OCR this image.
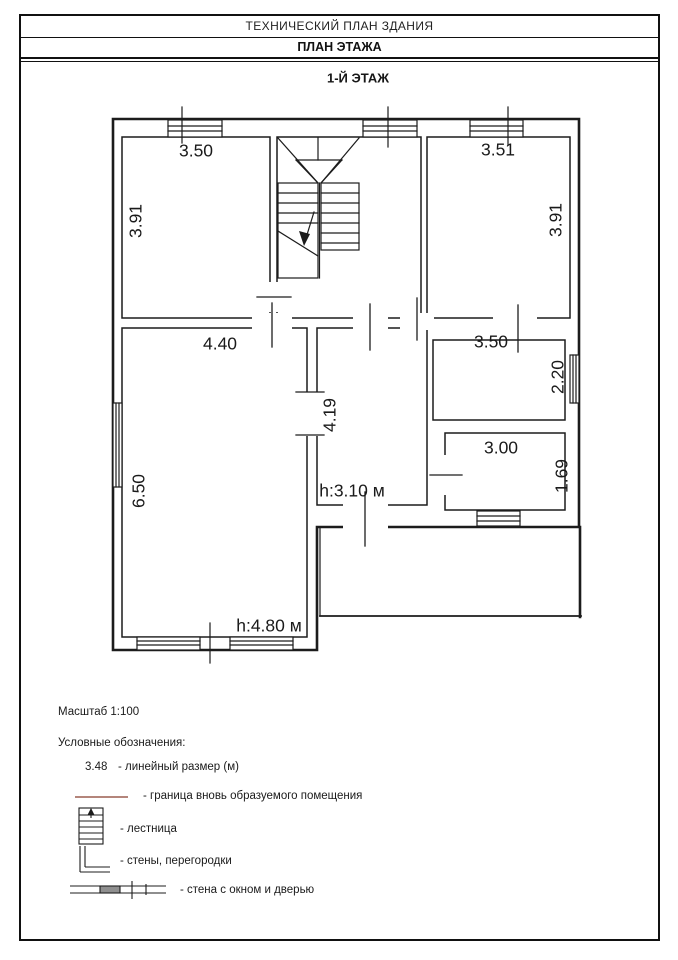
ТЕХНИЧЕСКИЙ ПЛАН ЗДАНИЯ
ПЛАН ЭТАЖА
1-Й ЭТАЖ
3.50	3.51
3.91	3.91
4.40	3.50
2.20
4.19
6.50
3.00
1.69
h:3.10 м
h:4.80 м
Масштаб 1:100
Условные обозначения:
3.48 - линейный размер (м)
- граница вновь образуемого помещения
- лестница
- стены, перегородки
- стена с окном и дверью
